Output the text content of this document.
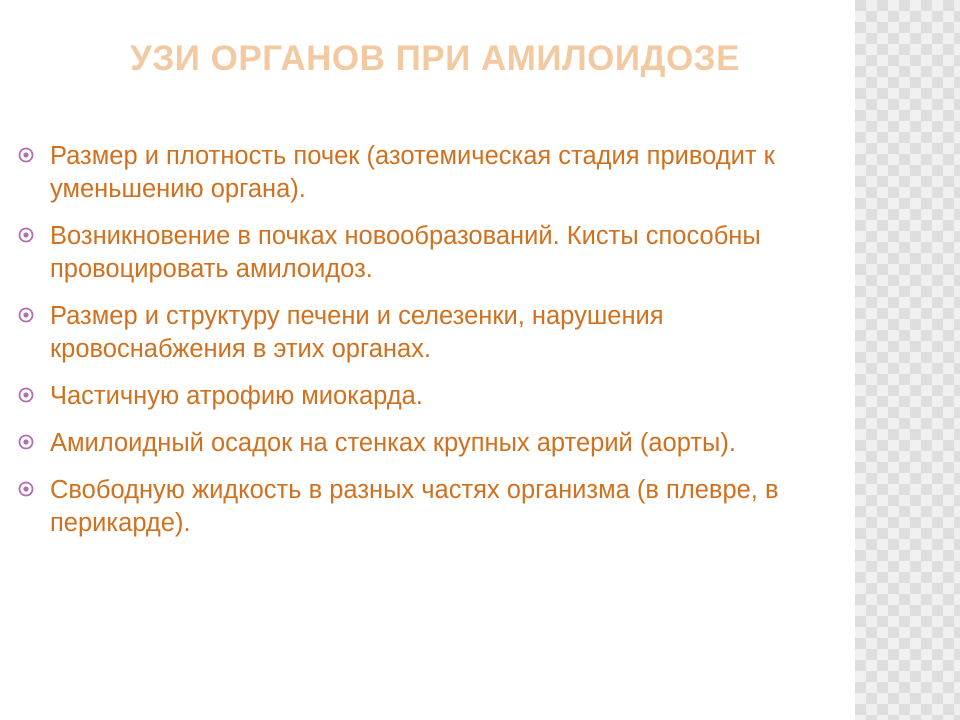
УЗИ ОРГАНОВ ПРИ АМИЛОИДОЗЕ
Размер и плотность почек (азотемическая стадия приводит к уменьшению органа).
Возникновение в почках новообразований. Кисты способны провоцировать амилоидоз.
Размер и структуру печени и селезенки, нарушения кровоснабжения в этих органах.
Частичную атрофию миокарда.
Амилоидный осадок на стенках крупных артерий (аорты).
Свободную жидкость в разных частях организма (в плевре, в перикарде).
